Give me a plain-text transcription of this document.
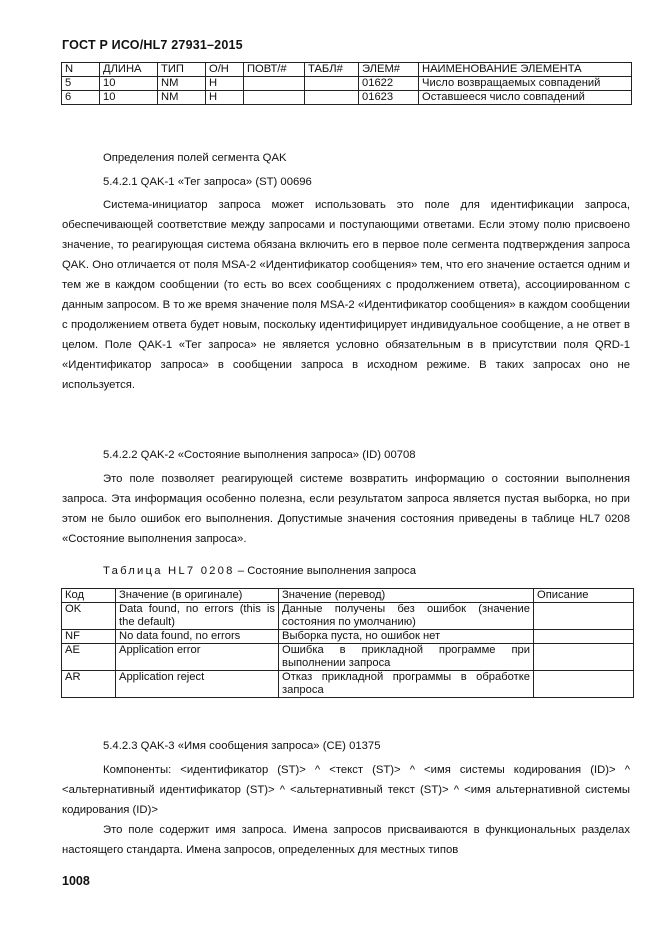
ГОСТ Р ИСО/HL7 27931–2015
N	ДЛИНА	ТИП	О/Н	ПОВТ/#	ТАБЛ#	ЭЛЕМ#	НАИМЕНОВАНИЕ ЭЛЕМЕНТА
5	10	NM	Н			01622	Число возвращаемых совпадений
6	10	NM	Н			01623	Оставшееся число совпадений
Определения полей сегмента QAK
5.4.2.1 QAK-1 «Тег запроса» (ST) 00696

Система-инициатор запроса может использовать это поле для идентификации запроса, обеспечивающей соответствие между запросами и поступающими ответами. Если этому полю присвоено значение, то реагирующая система обязана включить его в первое поле сегмента подтверждения запроса QAK. Оно отличается от поля MSA-2 «Идентификатор сообщения» тем, что его значение остается одним и тем же в каждом сообщении (то есть во всех сообщениях с продолжением ответа), ассоциированном с данным запросом. В то же время значение поля MSA-2 «Идентификатор сообщения» в каждом сообщении с продолжением ответа будет новым, поскольку идентифицирует индивидуальное сообщение, а не ответ в целом. Поле QAK-1 «Тег запроса» не является условно обязательным в в присутствии поля QRD-1 «Идентификатор запроса» в сообщении запроса в исходном режиме. В таких запросах оно не используется.

5.4.2.2 QAK-2 «Состояние выполнения запроса» (ID) 00708

Это поле позволяет реагирующей системе возвратить информацию о состоянии выполнения запроса. Эта информация особенно полезна, если результатом запроса является пустая выборка, но при этом не было ошибок его выполнения. Допустимые значения состояния приведены в таблице HL7 0208 «Состояние выполнения запроса».

Таблица HL7 0208 – Состояние выполнения запроса
Код	Значение (в оригинале)	Значение (перевод)	Описание
OK	Data found, no errors (this is the default)	Данные получены без ошибок (значение состояния по умолчанию)	
NF	No data found, no errors	Выборка пуста, но ошибок нет	
AE	Application error	Ошибка в прикладной программе при выполнении запроса	
AR	Application reject	Отказ прикладной программы в обработке запроса	
5.4.2.3 QAK-3 «Имя сообщения запроса» (CE) 01375

Компоненты: <идентификатор (ST)> ^ <текст (ST)> ^ <имя системы кодирования (ID)> ^ <альтернативный идентификатор (ST)> ^ <альтернативный текст (ST)> ^ <имя альтернативной системы кодирования (ID)>

Это поле содержит имя запроса. Имена запросов присваиваются в функциональных разделах настоящего стандарта. Имена запросов, определенных для местных типов

1008
